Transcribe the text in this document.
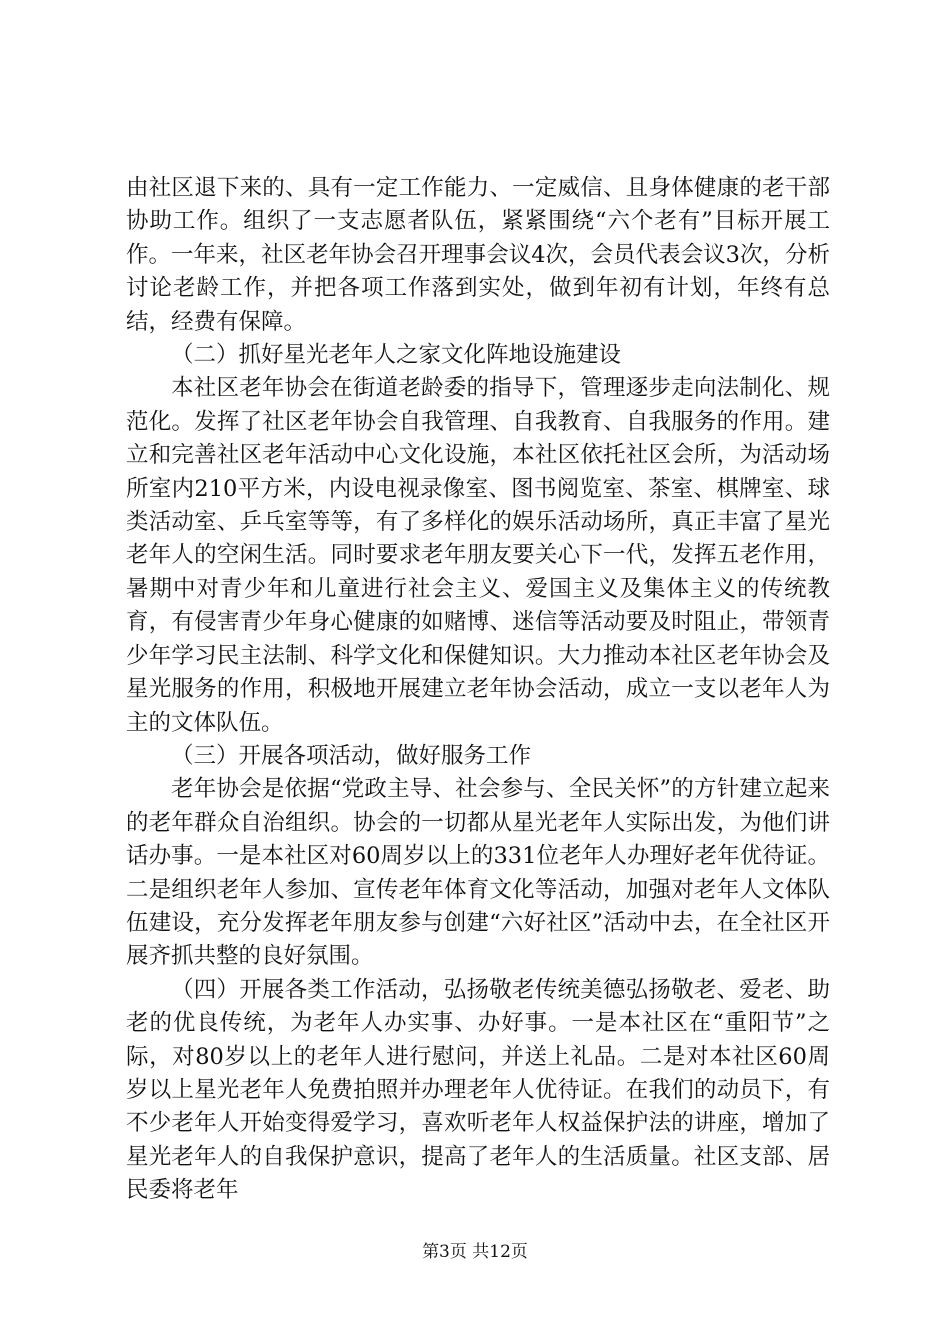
由社区退下来的、具有一定工作能力、一定威信、且身体健康的老干部协助工作。组织了一支志愿者队伍，紧紧围绕“六个老有”目标开展工作。一年来，社区老年协会召开理事会议4次，会员代表会议3次，分析讨论老龄工作，并把各项工作落到实处，做到年初有计划，年终有总结，经费有保障。

（二）抓好星光老年人之家文化阵地设施建设

本社区老年协会在街道老龄委的指导下，管理逐步走向法制化、规范化。发挥了社区老年协会自我管理、自我教育、自我服务的作用。建立和完善社区老年活动中心文化设施，本社区依托社区会所，为活动场所室内210平方米，内设电视录像室、图书阅览室、茶室、棋牌室、球类活动室、乒乓室等等，有了多样化的娱乐活动场所，真正丰富了星光老年人的空闲生活。同时要求老年朋友要关心下一代，发挥五老作用，暑期中对青少年和儿童进行社会主义、爱国主义及集体主义的传统教育，有侵害青少年身心健康的如赌博、迷信等活动要及时阻止，带领青少年学习民主法制、科学文化和保健知识。大力推动本社区老年协会及星光服务的作用，积极地开展建立老年协会活动，成立一支以老年人为主的文体队伍。

（三）开展各项活动，做好服务工作

老年协会是依据“党政主导、社会参与、全民关怀”的方针建立起来的老年群众自治组织。协会的一切都从星光老年人实际出发，为他们讲话办事。一是本社区对60周岁以上的331位老年人办理好老年优待证。二是组织老年人参加、宣传老年体育文化等活动，加强对老年人文体队伍建设，充分发挥老年朋友参与创建“六好社区”活动中去，在全社区开展齐抓共整的良好氛围。

（四）开展各类工作活动，弘扬敬老传统美德弘扬敬老、爱老、助老的优良传统，为老年人办实事、办好事。一是本社区在“重阳节”之际，对80岁以上的老年人进行慰问，并送上礼品。二是对本社区60周岁以上星光老年人免费拍照并办理老年人优待证。在我们的动员下，有不少老年人开始变得爱学习，喜欢听老年人权益保护法的讲座，增加了星光老年人的自我保护意识，提高了老年人的生活质量。社区支部、居民委将老年

第3页 共12页
